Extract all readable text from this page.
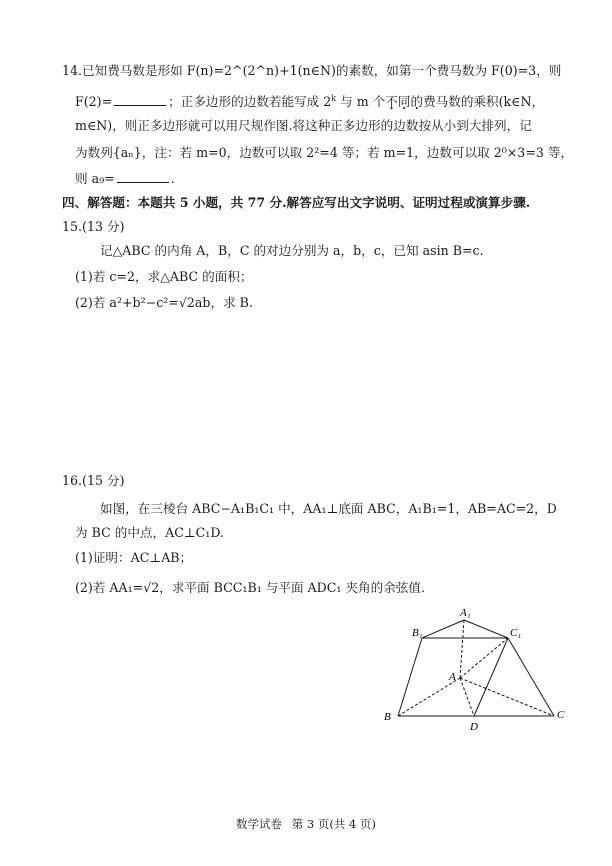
14.已知费马数是形如 F(n)=2^(2^n)+1(n∈N)的素数，如第一个费马数为 F(0)=3，则
F(2)=	；正多边形的边数若能写成 2$^k$ 与 m 个不同的费马数的乘积(k∈N，
m∈N)，则正多边形就可以用尺规作图.将这种正多边形的边数按从小到大排列，记
为数列{aₙ}，注：若 m=0，边数可以取 2²=4 等；若 m=1，边数可以取 2⁰×3=3 等，
则 a₉=	.
四、解答题：本题共 5 小题，共 77 分.解答应写出文字说明、证明过程或演算步骤.
15.(13 分)
记△ABC 的内角 A，B，C 的对边分别为 a，b，c，已知 asin B=c.
(1)若 c=2，求△ABC 的面积；
(2)若 a²+b²−c²=√2ab，求 B.
16.(15 分)
如图，在三棱台 ABC−A₁B₁C₁ 中，AA₁⊥底面 ABC，A₁B₁=1，AB=AC=2，D
为 BC 的中点，AC⊥C₁D.
(1)证明：AC⊥AB；
(2)若 AA₁=√2，求平面 BCC₁B₁ 与平面 ADC₁ 夹角的余弦值.
A₁
B₁	C₁
A
B	C
D
数学试卷 第 3 页(共 4 页)
